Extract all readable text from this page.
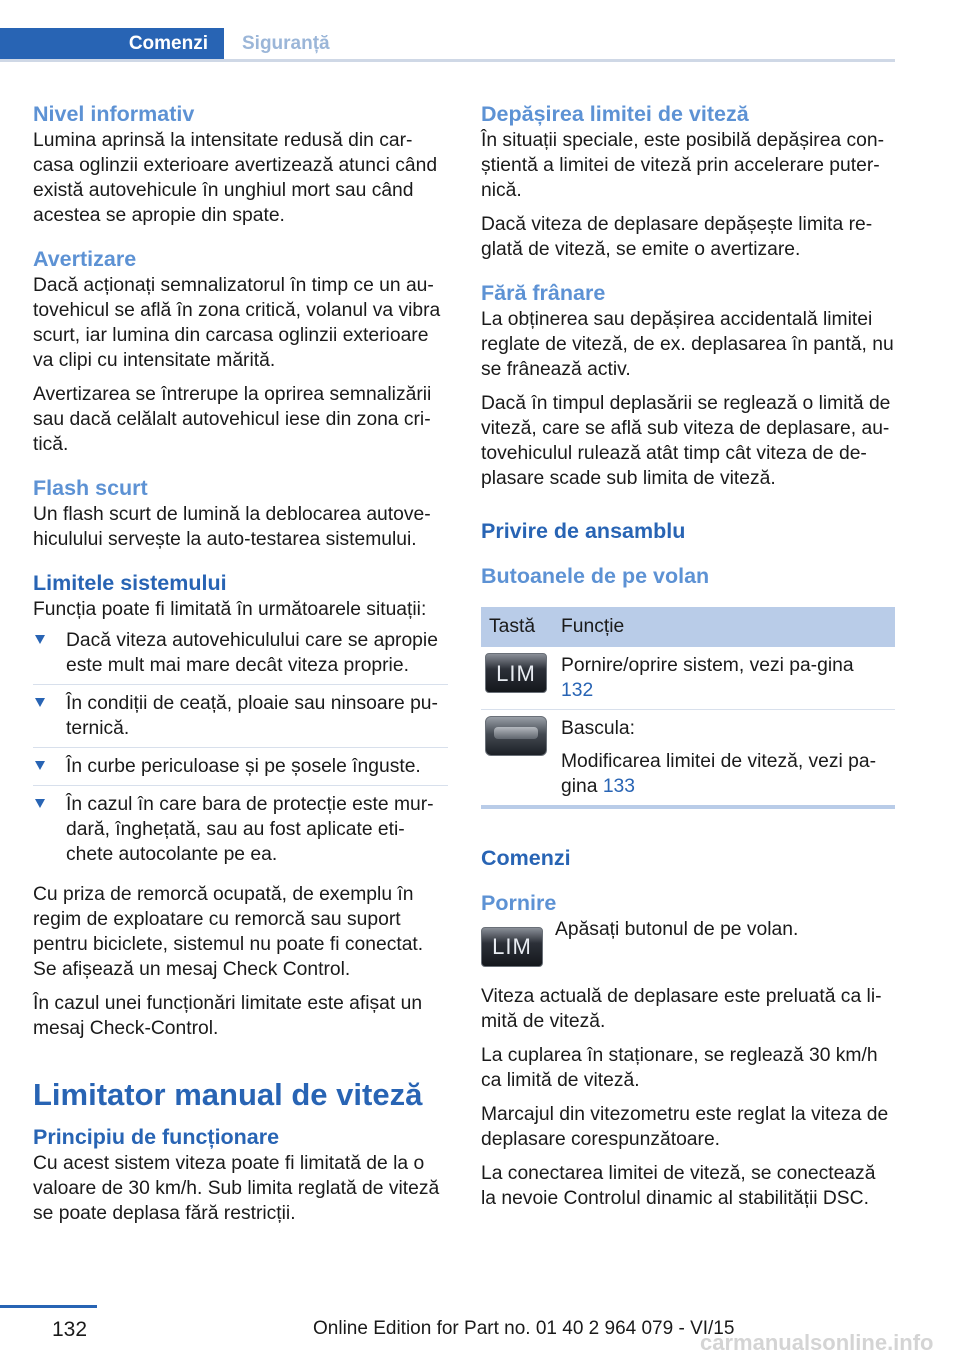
Comenzi	Siguranță
Nivel informativ

Lumina aprinsă la intensitate redusă din car-casa oglinzii exterioare avertizează atunci când există autovehicule în unghiul mort sau când acestea se apropie din spate.

Avertizare

Dacă acționați semnalizatorul în timp ce un au-tovehicul se află în zona critică, volanul va vibra scurt, iar lumina din carcasa oglinzii exterioare va clipi cu intensitate mărită.

Avertizarea se întrerupe la oprirea semnalizării sau dacă celălalt autovehicul iese din zona cri-tică.

Flash scurt

Un flash scurt de lumină la deblocarea autove-hiculului servește la auto-testarea sistemului.

Limitele sistemului

Funcția poate fi limitată în următoarele situații:

Dacă viteza autovehiculului care se apropie este mult mai mare decât viteza proprie.
În condiții de ceață, ploaie sau ninsoare pu-ternică.
În curbe periculoase și pe șosele înguste.
În cazul în care bara de protecție este mur-dară, înghețată, sau au fost aplicate eti-chete autocolante pe ea.

Cu priza de remorcă ocupată, de exemplu în regim de exploatare cu remorcă sau suport pentru biciclete, sistemul nu poate fi conectat. Se afișează un mesaj Check Control.

În cazul unei funcționări limitate este afișat un mesaj Check-Control.

Limitator manual de viteză
Principiu de funcționare

Cu acest sistem viteza poate fi limitată de la o valoare de 30 km/h. Sub limita reglată de viteză se poate deplasa fără restricții.

Depășirea limitei de viteză

În situații speciale, este posibilă depășirea con-știentă a limitei de viteză prin accelerare puter-nică.

Dacă viteza de deplasare depășește limita re-glată de viteză, se emite o avertizare.

Fără frânare

La obținerea sau depășirea accidentală limitei reglate de viteză, de ex. deplasarea în pantă, nu se frânează activ.

Dacă în timpul deplasării se reglează o limită de viteză, care se află sub viteza de deplasare, au-tovehiculul rulează atât timp cât viteza de de-plasare scade sub limita de viteză.

Privire de ansamblu
Butoanele de pe volan
Tastă	Funcție

LIM	Pornire/oprire sistem, vezi pa-gina 132

	Bascula:
Modificarea limitei de viteză, vezi pa-gina 133
Comenzi
Pornire
LIM

Apăsați butonul de pe volan.

Viteza actuală de deplasare este preluată ca li-mită de viteză.

La cuplarea în staționare, se reglează 30 km/h ca limită de viteză.

Marcajul din vitezometru este reglat la viteza de deplasare corespunzătoare.

La conectarea limitei de viteză, se conectează la nevoie Controlul dinamic al stabilității DSC.

132	Online Edition for Part no. 01 40 2 964 079 - VI/15
carmanualsonline.info
